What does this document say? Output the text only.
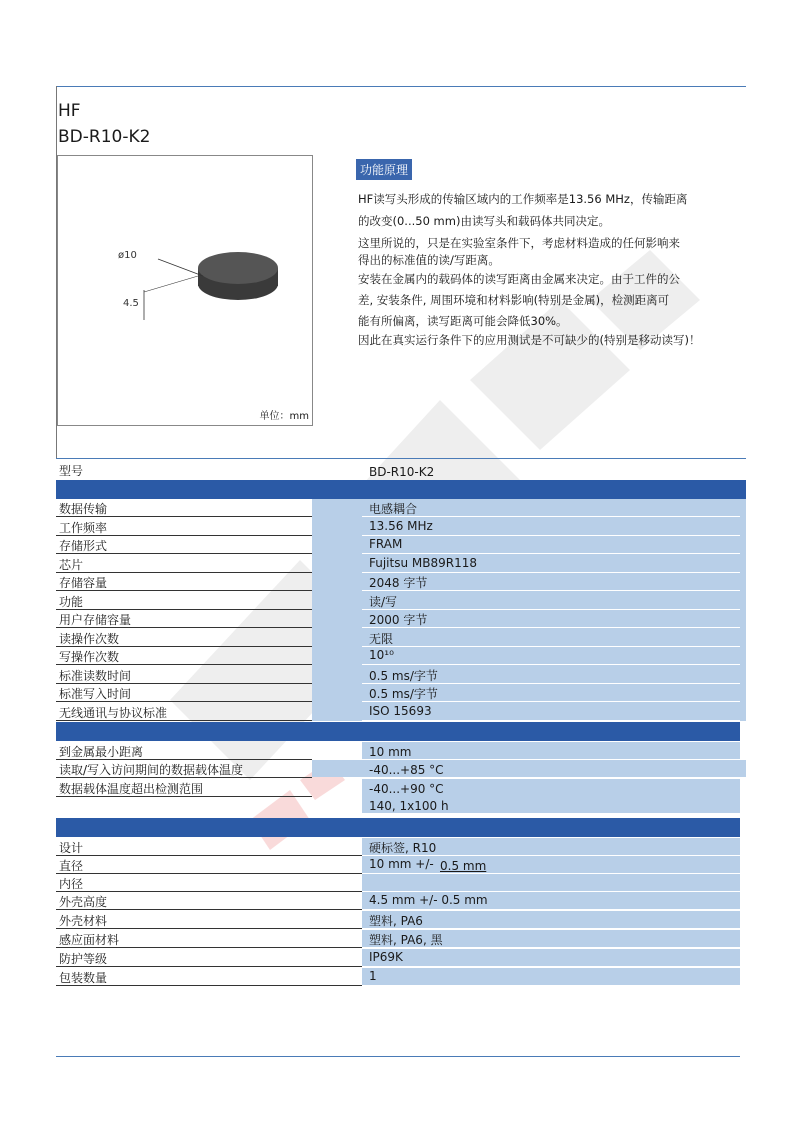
HF
BD-R10-K2
ø10
4.5
单位：mm
功能原理

HF读写头形成的传输区域内的工作频率是13.56 MHz，传输距离

的改变(0...50 mm)由读写头和载码体共同决定。

这里所说的，只是在实验室条件下，考虑材料造成的任何影响来

得出的标准值的读/写距离。

安装在金属内的载码体的读写距离由金属来决定。由于工件的公

差, 安装条件, 周围环境和材料影响(特别是金属)，检测距离可

能有所偏离，读写距离可能会降低30%。

因此在真实运行条件下的应用测试是不可缺少的(特别是移动读写)！

型号	BD-R10-K2
数据传输	电感耦合
工作频率	13.56 MHz
存储形式	FRAM
芯片	Fujitsu MB89R118
存储容量	2048 字节
功能	读/写
用户存储容量	2000 字节
读操作次数	无限
写操作次数	10¹⁰
标准读数时间	0.5 ms/字节
标准写入时间	0.5 ms/字节
无线通讯与协议标准	ISO 15693
到金属最小距离	10 mm
读取/写入访问期间的数据载体温度	-40...+85 °C
数据载体温度超出检测范围	-40...+90 °C
140, 1x100 h
设计	硬标签, R10
直径	10 mm +/- 0.5 mm
内径
外壳高度	4.5 mm +/- 0.5 mm
外壳材料	塑料, PA6
感应面材料	塑料, PA6, 黑
防护等级	IP69K
包装数量	1
